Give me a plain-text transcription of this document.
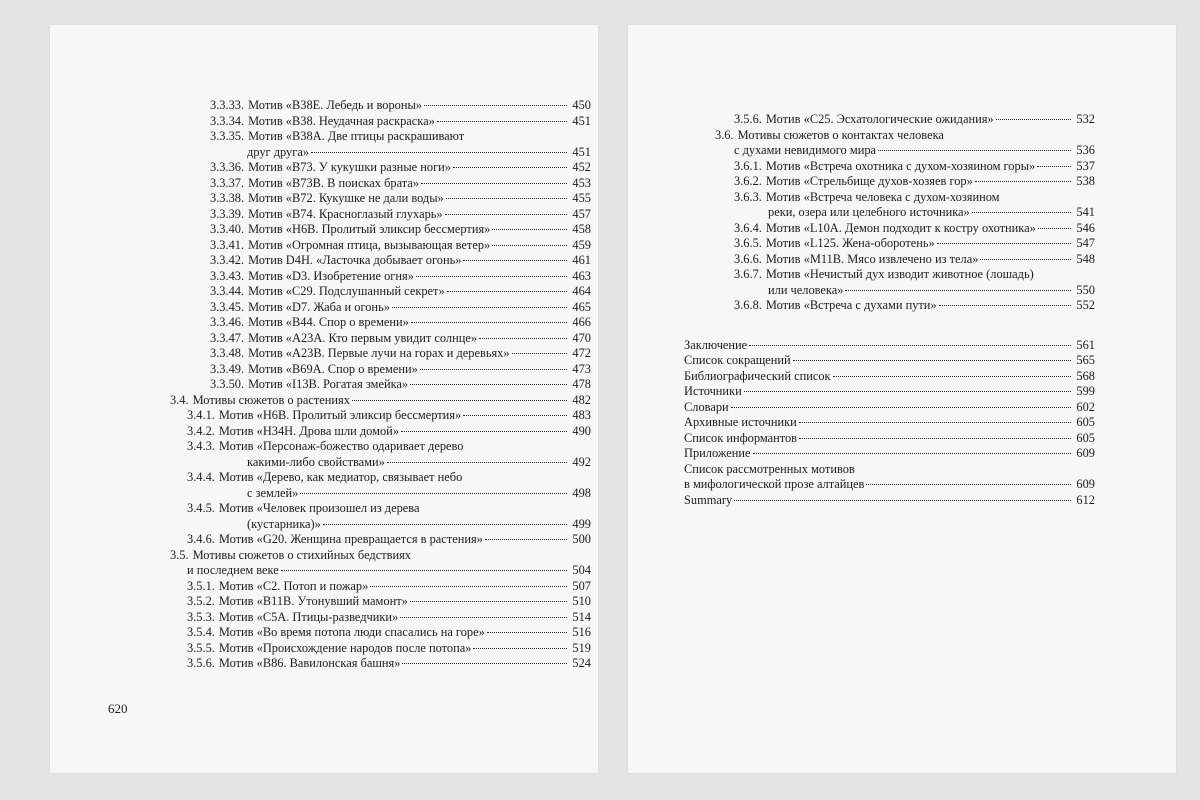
3.3.33. Мотив «B38E. Лебедь и вороны»	450
3.3.34. Мотив «B38. Неудачная раскраска»	451
3.3.35. Мотив «B38A. Две птицы раскрашивают
друг друга»	451
3.3.36. Мотив «B73. У кукушки разные ноги»	452
3.3.37. Мотив «B73B. В поисках брата»	453
3.3.38. Мотив «B72. Кукушке не дали воды»	455
3.3.39. Мотив «B74. Красноглазый глухарь»	457
3.3.40. Мотив «H6B. Пролитый эликсир бессмертия»	458
3.3.41. Мотив «Огромная птица, вызывающая ветер»	459
3.3.42. Мотив D4H. «Ласточка добывает огонь»	461
3.3.43. Мотив «D3. Изобретение огня»	463
3.3.44. Мотив «C29. Подслушанный секрет»	464
3.3.45. Мотив «D7. Жаба и огонь»	465
3.3.46. Мотив «B44. Спор о времени»	466
3.3.47. Мотив «A23A. Кто первым увидит солнце»	470
3.3.48. Мотив «A23B. Первые лучи на горах и деревьях»	472
3.3.49. Мотив «B69A. Спор о времени»	473
3.3.50. Мотив «I13B. Рогатая змейка»	478
3.4. Мотивы сюжетов о растениях	482
3.4.1. Мотив «H6B. Пролитый эликсир бессмертия»	483
3.4.2. Мотив «H34H. Дрова шли домой»	490
3.4.3. Мотив «Персонаж-божество одаривает дерево
какими-либо свойствами»	492
3.4.4. Мотив «Дерево, как медиатор, связывает небо
с землей»	498
3.4.5. Мотив «Человек произошел из дерева
(кустарника)»	499
3.4.6. Мотив «G20. Женщина превращается в растения»	500
3.5. Мотивы сюжетов о стихийных бедствиях
и последнем веке	504
3.5.1. Мотив «C2. Потоп и пожар»	507
3.5.2. Мотив «B11B. Утонувший мамонт»	510
3.5.3. Мотив «C5A. Птицы-разведчики»	514
3.5.4. Мотив «Во время потопа люди спасались на горе»	516
3.5.5. Мотив «Происхождение народов после потопа»	519
3.5.6. Мотив «B86. Вавилонская башня»	524
620
3.5.6. Мотив «C25. Эсхатологические ожидания»	532
3.6. Мотивы сюжетов о контактах человека
с духами невидимого мира	536
3.6.1. Мотив «Встреча охотника с духом-хозяином горы»	537
3.6.2. Мотив «Стрельбище духов-хозяев гор»	538
3.6.3. Мотив «Встреча человека с духом-хозяином
реки, озера или целебного источника»	541
3.6.4. Мотив «L10A. Демон подходит к костру охотника»	546
3.6.5. Мотив «L125. Жена-оборотень»	547
3.6.6. Мотив «M11B. Мясо извлечено из тела»	548
3.6.7. Мотив «Нечистый дух изводит животное (лошадь)
или человека»	550
3.6.8. Мотив «Встреча с духами пути»	552
Заключение	561
Список сокращений	565
Библиографический список	568
Источники	599
Словари	602
Архивные источники	605
Список информантов	605
Приложение	609
Список рассмотренных мотивов
в мифологической прозе алтайцев	609
Summary	612
